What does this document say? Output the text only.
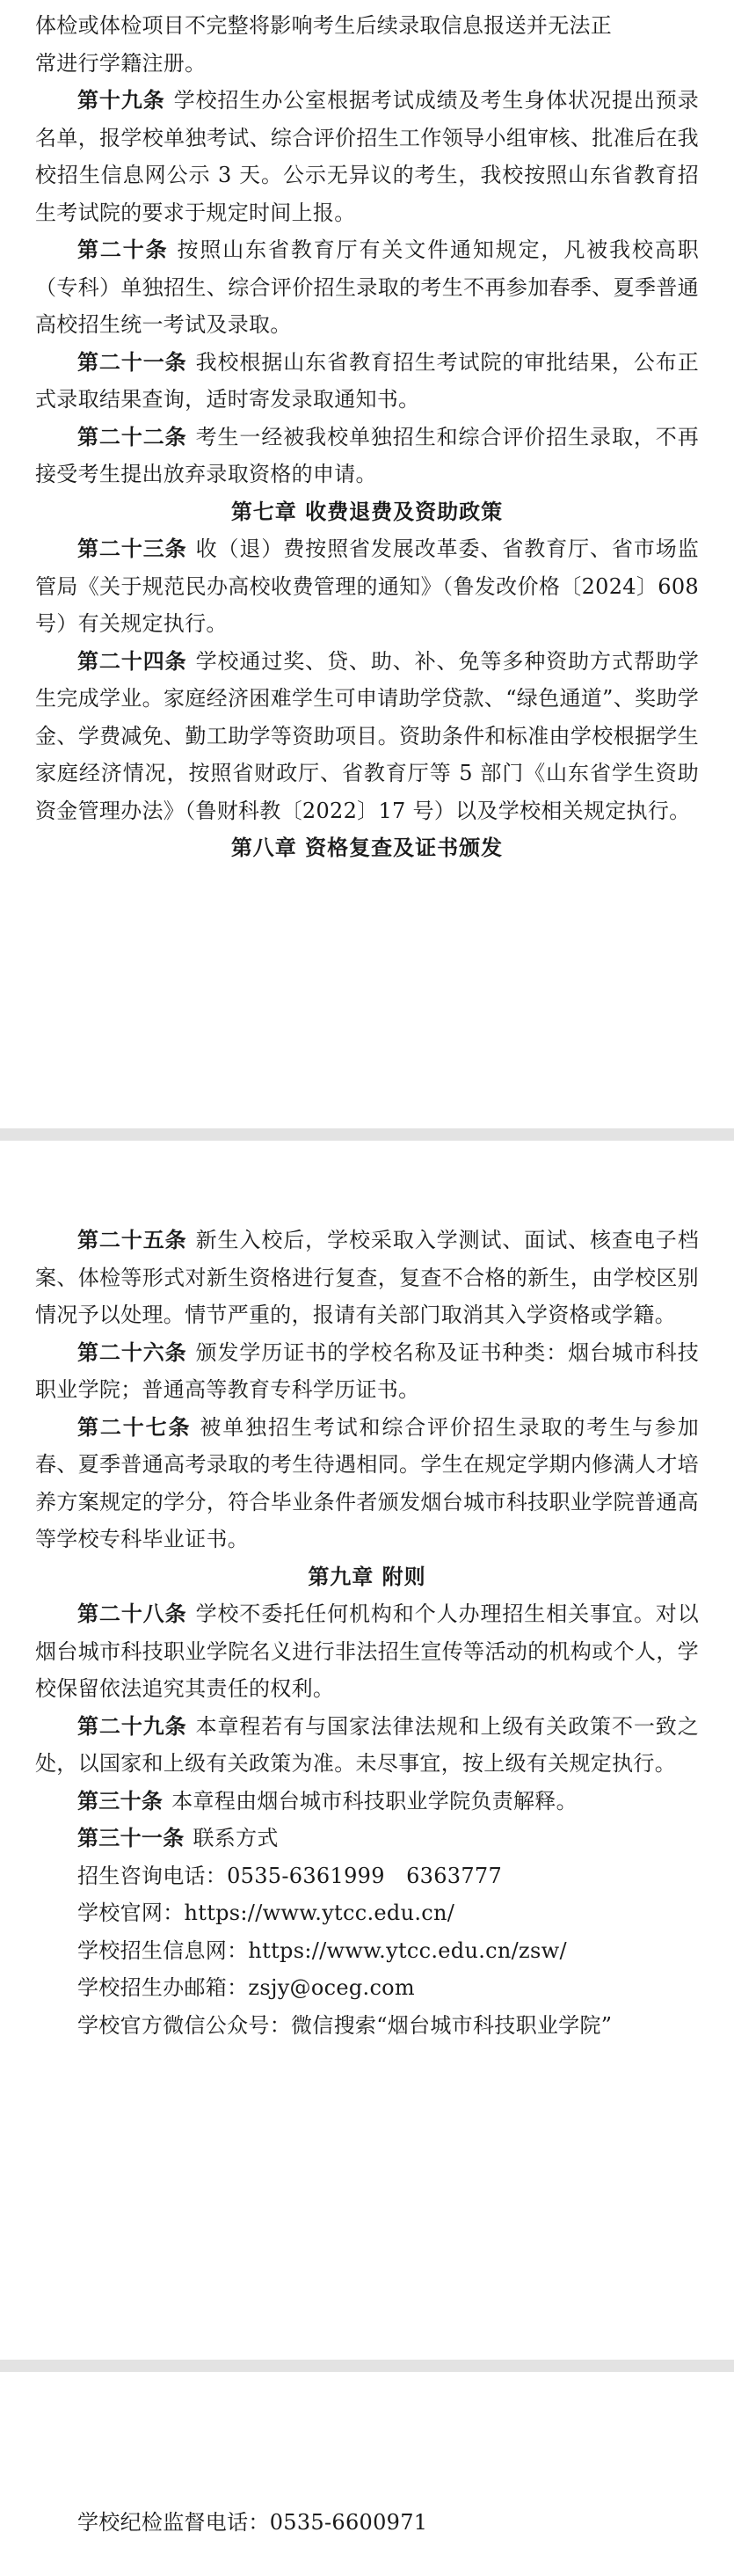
体检或体检项目不完整将影响考生后续录取信息报送并无法正

常进行学籍注册。

第十九条 学校招生办公室根据考试成绩及考生身体状况提出预录名单，报学校单独考试、综合评价招生工作领导小组审核、批准后在我校招生信息网公示 3 天。公示无异议的考生，我校按照山东省教育招生考试院的要求于规定时间上报。

第二十条 按照山东省教育厅有关文件通知规定，凡被我校高职（专科）单独招生、综合评价招生录取的考生不再参加春季、夏季普通高校招生统一考试及录取。

第二十一条 我校根据山东省教育招生考试院的审批结果，公布正式录取结果查询，适时寄发录取通知书。

第二十二条 考生一经被我校单独招生和综合评价招生录取，不再接受考生提出放弃录取资格的申请。

第七章 收费退费及资助政策

第二十三条 收（退）费按照省发展改革委、省教育厅、省市场监管局《关于规范民办高校收费管理的通知》（鲁发改价格〔2024〕608 号）有关规定执行。

第二十四条 学校通过奖、贷、助、补、免等多种资助方式帮助学生完成学业。家庭经济困难学生可申请助学贷款、“绿色通道”、奖助学金、学费减免、勤工助学等资助项目。资助条件和标准由学校根据学生家庭经济情况，按照省财政厅、省教育厅等 5 部门《山东省学生资助资金管理办法》（鲁财科教〔2022〕17 号）以及学校相关规定执行。

第八章 资格复查及证书颁发

第二十五条 新生入校后，学校采取入学测试、面试、核查电子档案、体检等形式对新生资格进行复查，复查不合格的新生，由学校区别情况予以处理。情节严重的，报请有关部门取消其入学资格或学籍。

第二十六条 颁发学历证书的学校名称及证书种类：烟台城市科技职业学院；普通高等教育专科学历证书。

第二十七条 被单独招生考试和综合评价招生录取的考生与参加春、夏季普通高考录取的考生待遇相同。学生在规定学期内修满人才培养方案规定的学分，符合毕业条件者颁发烟台城市科技职业学院普通高等学校专科毕业证书。

第九章 附则

第二十八条 学校不委托任何机构和个人办理招生相关事宜。对以烟台城市科技职业学院名义进行非法招生宣传等活动的机构或个人，学校保留依法追究其责任的权利。

第二十九条 本章程若有与国家法律法规和上级有关政策不一致之处，以国家和上级有关政策为准。未尽事宜，按上级有关规定执行。

第三十条 本章程由烟台城市科技职业学院负责解释。

第三十一条 联系方式

招生咨询电话：0535-6361999　6363777

学校官网：https://www.ytcc.edu.cn/

学校招生信息网：https://www.ytcc.edu.cn/zsw/

学校招生办邮箱：zsjy@oceg.com

学校官方微信公众号：微信搜索“烟台城市科技职业学院”

学校纪检监督电话：0535-6600971
